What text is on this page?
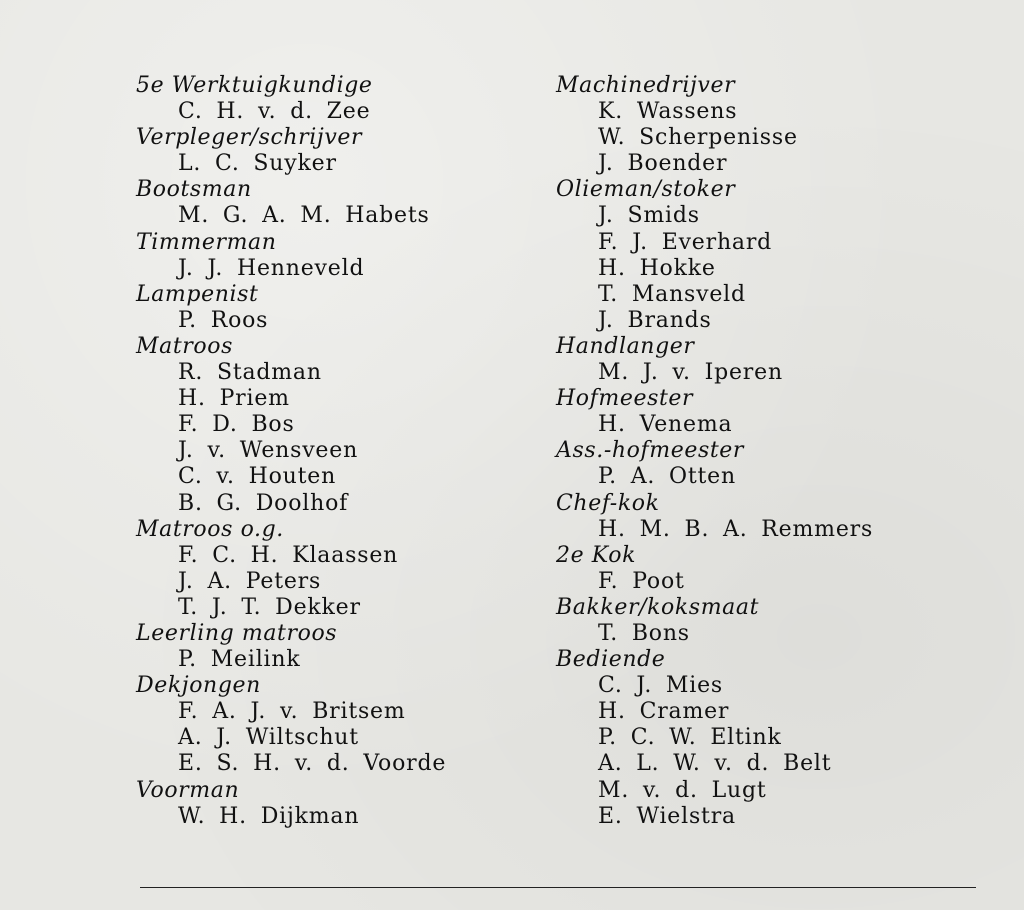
5e Werktuigkundige
C. H. v. d. Zee
Verpleger/schrijver
L. C. Suyker
Bootsman
M. G. A. M. Habets
Timmerman
J. J. Henneveld
Lampenist
P. Roos
Matroos
R. Stadman
H. Priem
F. D. Bos
J. v. Wensveen
C. v. Houten
B. G. Doolhof
Matroos o.g.
F. C. H. Klaassen
J. A. Peters
T. J. T. Dekker
Leerling matroos
P. Meilink
Dekjongen
F. A. J. v. Britsem
A. J. Wiltschut
E. S. H. v. d. Voorde
Voorman
W. H. Dijkman
Machinedrijver
K. Wassens
W. Scherpenisse
J. Boender
Olieman/stoker
J. Smids
F. J. Everhard
H. Hokke
T. Mansveld
J. Brands
Handlanger
M. J. v. Iperen
Hofmeester
H. Venema
Ass.-hofmeester
P. A. Otten
Chef-kok
H. M. B. A. Remmers
2e Kok
F. Poot
Bakker/koksmaat
T. Bons
Bediende
C. J. Mies
H. Cramer
P. C. W. Eltink
A. L. W. v. d. Belt
M. v. d. Lugt
E. Wielstra
